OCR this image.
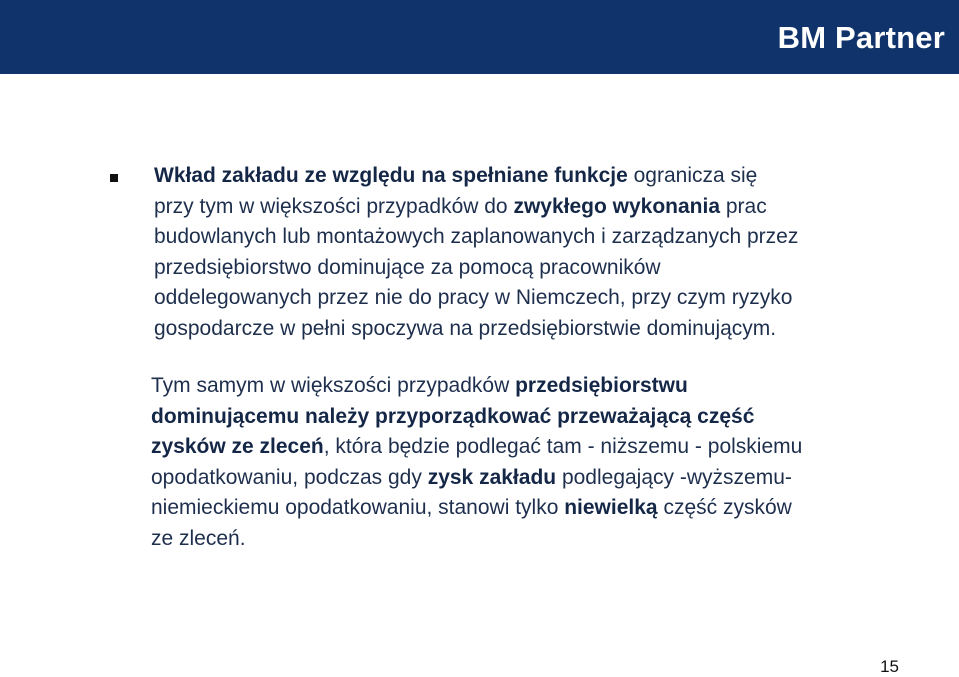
BM Partner
Wkład zakładu ze względu na spełniane funkcje ogranicza się
przy tym w większości przypadków do zwykłego wykonania prac
budowlanych lub montażowych zaplanowanych i zarządzanych przez
przedsiębiorstwo dominujące za pomocą pracowników
oddelegowanych przez nie do pracy w Niemczech, przy czym ryzyko
gospodarcze w pełni spoczywa na przedsiębiorstwie dominującym.
Tym samym w większości przypadków przedsiębiorstwu
dominującemu należy przyporządkować przeważającą część
zysków ze zleceń, która będzie podlegać tam - niższemu - polskiemu
opodatkowaniu, podczas gdy zysk zakładu podlegający -wyższemu-
niemieckiemu opodatkowaniu, stanowi tylko niewielką część zysków
ze zleceń.
15
